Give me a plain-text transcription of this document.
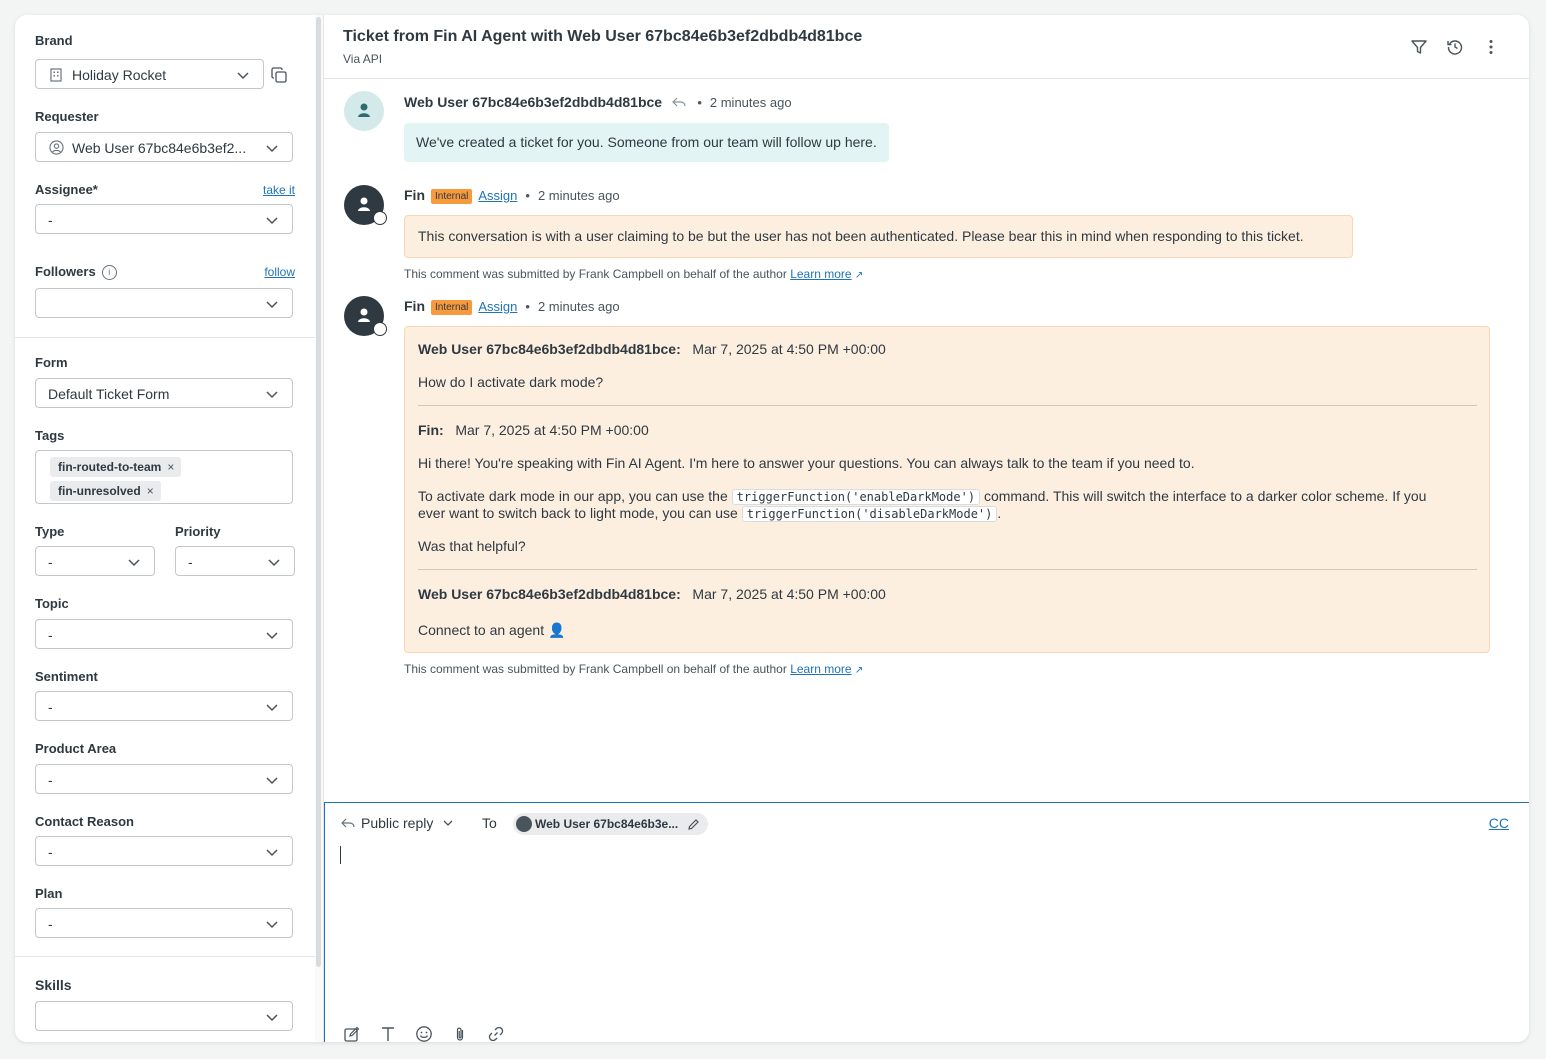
Brand
Holiday Rocket
Requester
Web User 67bc84e6b3ef2...
Assignee*	take it
-
Followers i	follow
Form
Default Ticket Form
Tags
fin-routed-to-team ×
fin-unresolved ×
Type
-
Priority
-
Topic
-
Sentiment
-
Product Area
-
Contact Reason
-
Plan
-
Skills
Ticket from Fin AI Agent with Web User 67bc84e6b3ef2dbdb4d81bce
Via API
Web User 67bc84e6b3ef2dbdb4d81bce	• 2 minutes ago
We've created a ticket for you. Someone from our team will follow up here.
Fin Internal Assign • 2 minutes ago
This conversation is with a user claiming to be but the user has not been authenticated. Please bear this in mind when responding to this ticket.
This comment was submitted by Frank Campbell on behalf of the author Learn more ↗
Fin Internal Assign • 2 minutes ago
Web User 67bc84e6b3ef2dbdb4d81bce: Mar 7, 2025 at 4:50 PM +00:00
How do I activate dark mode?
Fin: Mar 7, 2025 at 4:50 PM +00:00
Hi there! You're speaking with Fin AI Agent. I'm here to answer your questions. You can always talk to the team if you need to.
To activate dark mode in our app, you can use the triggerFunction('enableDarkMode') command. This will switch the interface to a darker color scheme. If you
ever want to switch back to light mode, you can use triggerFunction('disableDarkMode') .
Was that helpful?
Web User 67bc84e6b3ef2dbdb4d81bce: Mar 7, 2025 at 4:50 PM +00:00
Connect to an agent 👤
This comment was submitted by Frank Campbell on behalf of the author Learn more ↗
Public reply	To	Web User 67bc84e6b3e...	CC
